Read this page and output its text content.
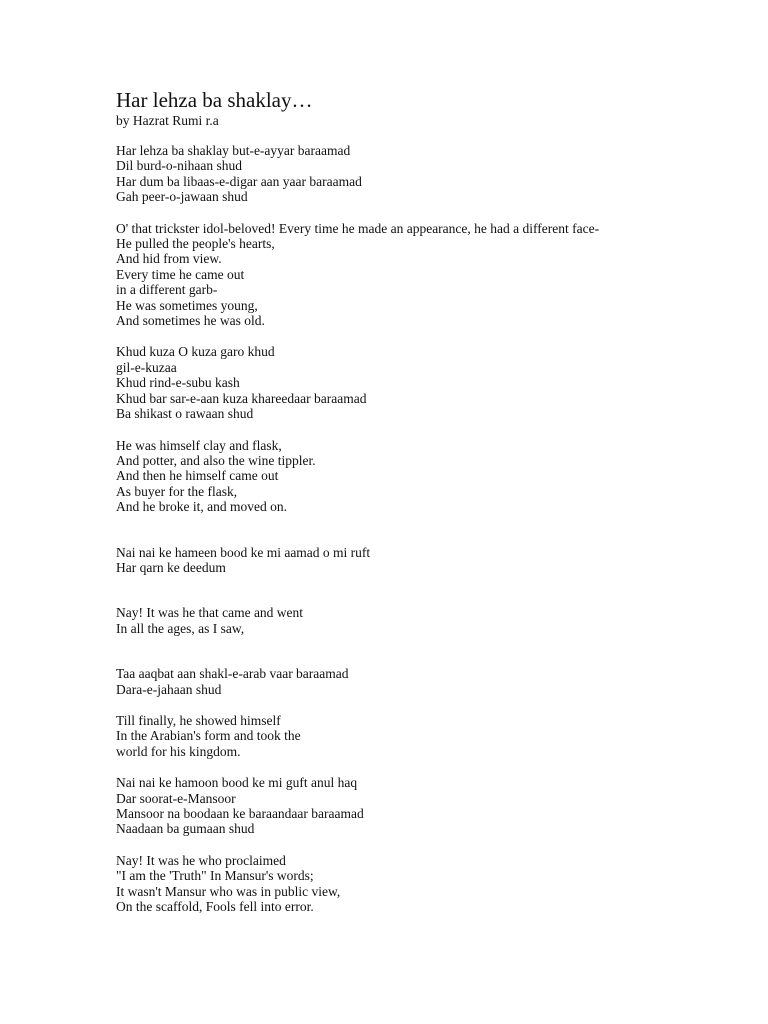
Har lehza ba shaklay…
by Hazrat Rumi r.a
Har lehza ba shaklay but-e-ayyar baraamad
Dil burd-o-nihaan shud
Har dum ba libaas-e-digar aan yaar baraamad
Gah peer-o-jawaan shud
O' that trickster idol-beloved! Every time he made an appearance, he had a different face-
He pulled the people's hearts,
And hid from view.
Every time he came out
in a different garb-
He was sometimes young,
And sometimes he was old.
Khud kuza O kuza garo khud
gil-e-kuzaa
Khud rind-e-subu kash
Khud bar sar-e-aan kuza khareedaar baraamad
Ba shikast o rawaan shud
He was himself clay and flask,
And potter, and also the wine tippler.
And then he himself came out
As buyer for the flask,
And he broke it, and moved on.
Nai nai ke hameen bood ke mi aamad o mi ruft
Har qarn ke deedum
Nay! It was he that came and went
In all the ages, as I saw,
Taa aaqbat aan shakl-e-arab vaar baraamad
Dara-e-jahaan shud
Till finally, he showed himself
In the Arabian's form and took the
world for his kingdom.
Nai nai ke hamoon bood ke mi guft anul haq
Dar soorat-e-Mansoor
Mansoor na boodaan ke baraandaar baraamad
Naadaan ba gumaan shud
Nay! It was he who proclaimed
"I am the 'Truth" In Mansur's words;
It wasn't Mansur who was in public view,
On the scaffold, Fools fell into error.
